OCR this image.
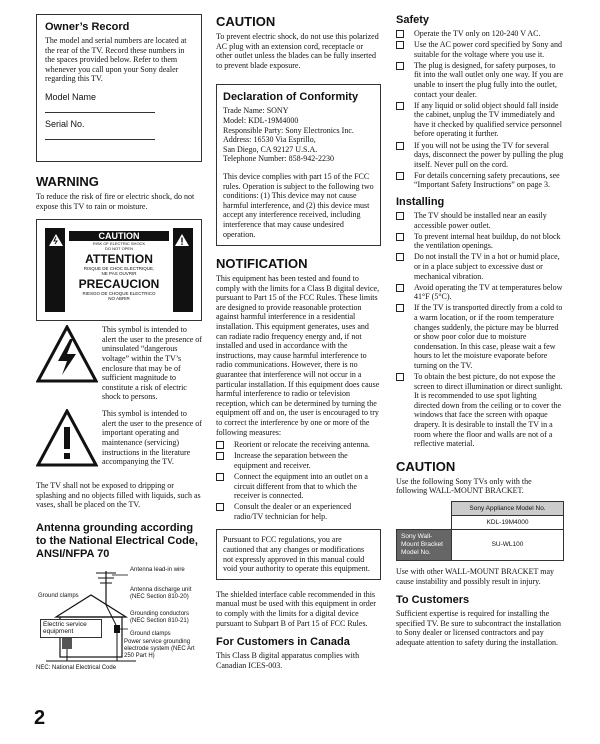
Owner’s Record

The model and serial numbers are located at the rear of the TV. Record these numbers in the spaces provided below. Refer to them whenever you call upon your Sony dealer regarding this TV.

Model Name
Serial No.
WARNING

To reduce the risk of fire or electric shock, do not expose this TV to rain or moisture.

CAUTION
RISK OF ELECTRIC SHOCK
DO NOT OPEN
ATTENTION
RISQUE DE CHOC ELECTRIQUE,
NE PAS OUVRIR
PRECAUCION
RIESGO DE CHOQUE ELECTRICO
NO ABRIR
This symbol is intended to alert the user to the presence of uninsulated “dangerous voltage” within the TV’s enclosure that may be of sufficient magnitude to constitute a risk of electric shock to persons.
This symbol is intended to alert the user to the presence of important operating and maintenance (servicing) instructions in the literature accompanying the TV.

The TV shall not be exposed to dripping or splashing and no objects filled with liquids, such as vases, shall be placed on the TV.

Antenna grounding according to the National Electrical Code, ANSI/NFPA 70
Antenna lead-in wire
Antenna discharge unit (NEC Section 810-20)
Ground clamps
Electric service equipment
Grounding conductors (NEC Section 810-21)
Ground clamps
Power service grounding electrode system (NEC Art 250 Part H)
NEC: National Electrical Code
CAUTION

To prevent electric shock, do not use this polarized AC plug with an extension cord, receptacle or other outlet unless the blades can be fully inserted to prevent blade exposure.

Declaration of Conformity

Trade Name: SONY

Model: KDL-19M4000

Responsible Party: Sony Electronics Inc.

Address: 16530 Via Esprillo,

San Diego, CA 92127 U.S.A.

Telephone Number: 858-942-2230

This device complies with part 15 of the FCC rules. Operation is subject to the following two conditions: (1) This device may not cause harmful interference, and (2) this device must accept any interference received, including interference that may cause undesired operation.

NOTIFICATION

This equipment has been tested and found to comply with the limits for a Class B digital device, pursuant to Part 15 of the FCC Rules. These limits are designed to provide reasonable protection against harmful interference in a residential installation. This equipment generates, uses and can radiate radio frequency energy and, if not installed and used in accordance with the instructions, may cause harmful interference to radio communications. However, there is no guarantee that interference will not occur in a particular installation. If this equipment does cause harmful interference to radio or television reception, which can be determined by turning the equipment off and on, the user is encouraged to try to correct the interference by one or more of the following measures:

Reorient or relocate the receiving antenna.
Increase the separation between the equipment and receiver.
Connect the equipment into an outlet on a circuit different from that to which the receiver is connected.
Consult the dealer or an experienced radio/TV technician for help.

Pursuant to FCC regulations, you are cautioned that any changes or modifications not expressly approved in this manual could void your authority to operate this equipment.

The shielded interface cable recommended in this manual must be used with this equipment in order to comply with the limits for a digital device pursuant to Subpart B of Part 15 of FCC Rules.

For Customers in Canada

This Class B digital apparatus complies with Canadian ICES-003.

Safety
Operate the TV only on 120-240 V AC.
Use the AC power cord specified by Sony and suitable for the voltage where you use it.
The plug is designed, for safety purposes, to fit into the wall outlet only one way. If you are unable to insert the plug fully into the outlet, contact your dealer.
If any liquid or solid object should fall inside the cabinet, unplug the TV immediately and have it checked by qualified service personnel before operating it further.
If you will not be using the TV for several days, disconnect the power by pulling the plug itself. Never pull on the cord.
For details concerning safety precautions, see “Important Safety Instructions” on page 3.
Installing
The TV should be installed near an easily accessible power outlet.
To prevent internal heat buildup, do not block the ventilation openings.
Do not install the TV in a hot or humid place, or in a place subject to excessive dust or mechanical vibration.
Avoid operating the TV at temperatures below 41°F (5°C).
If the TV is transported directly from a cold to a warm location, or if the room temperature changes suddenly, the picture may be blurred or show poor color due to moisture condensation. In this case, please wait a few hours to let the moisture evaporate before turning on the TV.
To obtain the best picture, do not expose the screen to direct illumination or direct sunlight. It is recommended to use spot lighting directed down from the ceiling or to cover the windows that face the screen with opaque drapery. It is desirable to install the TV in a room where the floor and walls are not of a reflective material.
CAUTION

Use the following Sony TVs only with the following WALL-MOUNT BRACKET.

	Sony Appliance Model No.
	KDL-19M4000
Sony Wall-Mount Bracket Model No.	SU-WL100

Use with other WALL-MOUNT BRACKET may cause instability and possibly result in injury.

To Customers

Sufficient expertise is required for installing the specified TV. Be sure to subcontract the installation to Sony dealer or licensed contractors and pay adequate attention to safety during the installation.

2
